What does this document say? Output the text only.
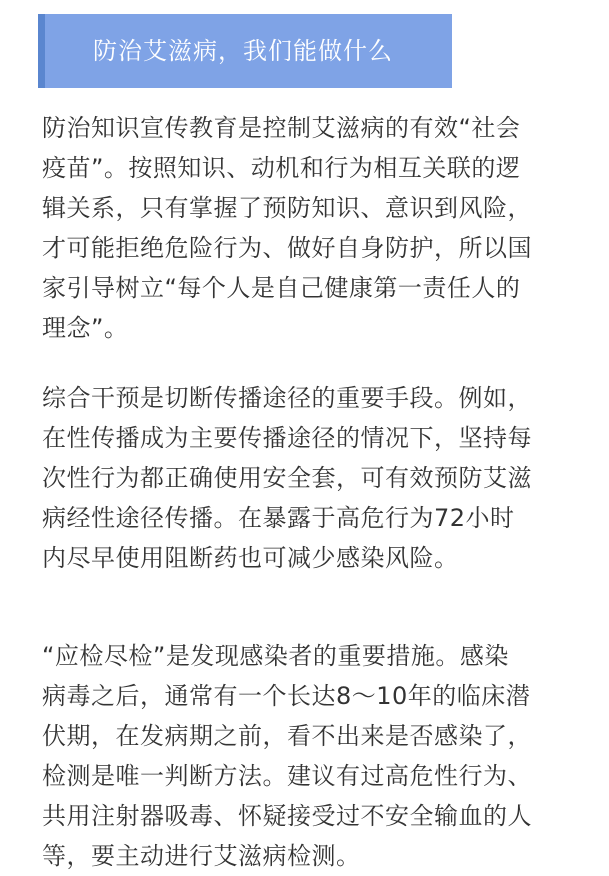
防治艾滋病，我们能做什么
防治知识宣传教育是控制艾滋病的有效“社会
疫苗”。按照知识、动机和行为相互关联的逻
辑关系，只有掌握了预防知识、意识到风险，
才可能拒绝危险行为、做好自身防护，所以国
家引导树立“每个人是自己健康第一责任人的
理念”。
综合干预是切断传播途径的重要手段。例如，
在性传播成为主要传播途径的情况下，坚持每
次性行为都正确使用安全套，可有效预防艾滋
病经性途径传播。在暴露于高危行为72小时
内尽早使用阻断药也可减少感染风险。
“应检尽检”是发现感染者的重要措施。感染
病毒之后，通常有一个长达8～10年的临床潜
伏期，在发病期之前，看不出来是否感染了，
检测是唯一判断方法。建议有过高危性行为、
共用注射器吸毒、怀疑接受过不安全输血的人
等，要主动进行艾滋病检测。
